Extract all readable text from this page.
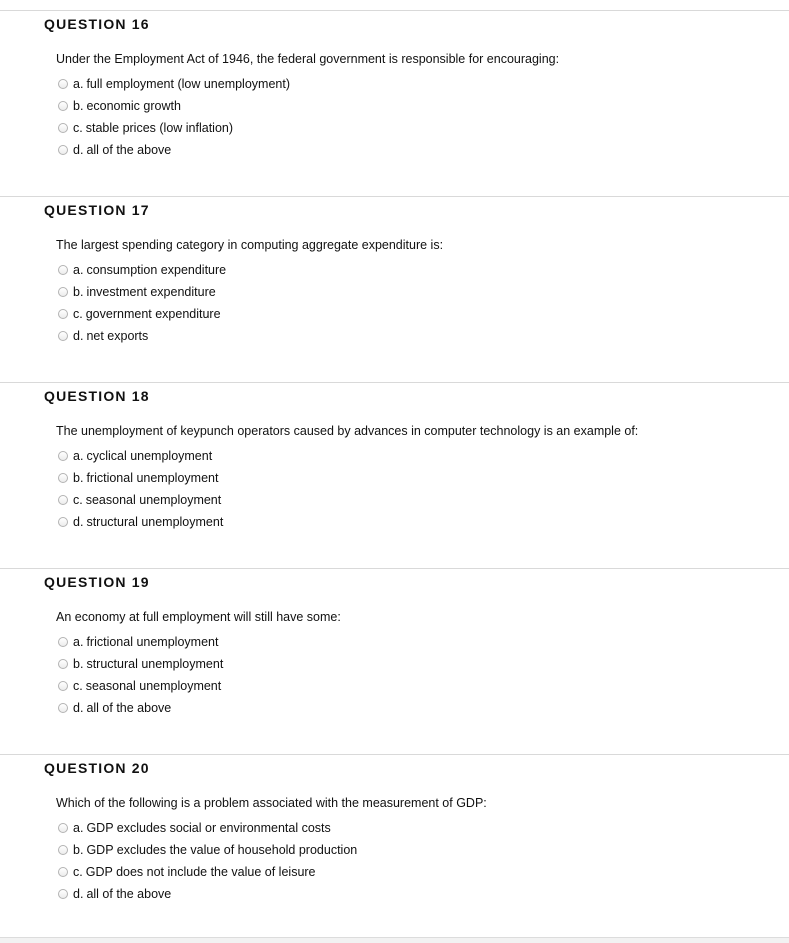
QUESTION 16
Under the Employment Act of 1946, the federal government is responsible for encouraging:
a. full employment (low unemployment)
b. economic growth
c. stable prices (low inflation)
d. all of the above
QUESTION 17
The largest spending category in computing aggregate expenditure is:
a. consumption expenditure
b. investment expenditure
c. government expenditure
d. net exports
QUESTION 18
The unemployment of keypunch operators caused by advances in computer technology is an example of:
a. cyclical unemployment
b. frictional unemployment
c. seasonal unemployment
d. structural unemployment
QUESTION 19
An economy at full employment will still have some:
a. frictional unemployment
b. structural unemployment
c. seasonal unemployment
d. all of the above
QUESTION 20
Which of the following is a problem associated with the measurement of GDP:
a. GDP excludes social or environmental costs
b. GDP excludes the value of household production
c. GDP does not include the value of leisure
d. all of the above
